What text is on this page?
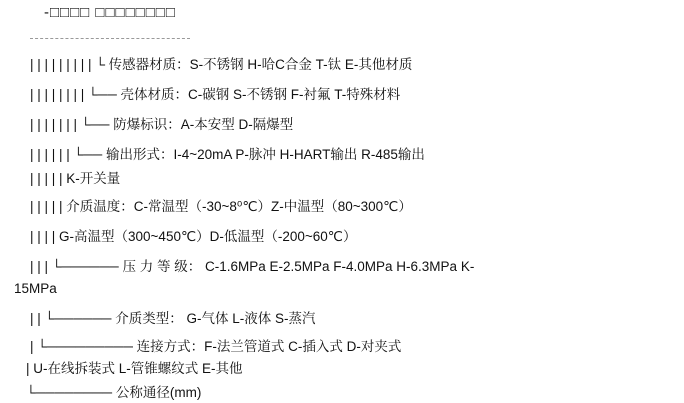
-□□□□ □□□□□□□□
| | | | | | | | | └ 传感器材质：S-不锈钢 H-哈C合金 T-钛 E-其他材质
| | | | | | | | └── 壳体材质：C-碳钢 S-不锈钢 F-衬氟 T-特殊材料
| | | | | | | └── 防爆标识：A-本安型 D-隔爆型
| | | | | | └── 输出形式：I-4~20mA P-脉冲 H-HART输出 R-485输出
| | | | | K-开关量
| | | | | 介质温度：C-常温型（-30~8⁰℃）Z-中温型（80~300℃）
| | | | G-高温型（300~450℃）D-低温型（-200~60℃）
| | | └────── 压 力 等 级： C-1.6MPa E-2.5MPa F-4.0MPa H-6.3MPa K-
15MPa
| | └────── 介质类型： G-气体 L-液体 S-蒸汽
| └───────── 连接方式：F-法兰管道式 C-插入式 D-对夹式
| U-在线拆装式 L-管锥螺纹式 E-其他
└──────── 公称通径(mm)
